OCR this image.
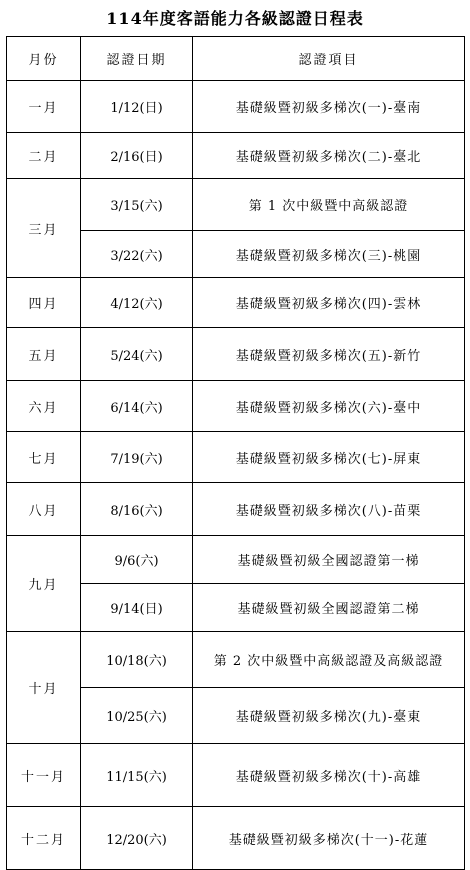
114年度客語能力各級認證日程表
月份	認證日期	認證項目
一月	1/12(日)	基礎級暨初級多梯次(一)-臺南
二月	2/16(日)	基礎級暨初級多梯次(二)-臺北
三月	3/15(六)	第 1 次中級暨中高級認證
	3/22(六)	基礎級暨初級多梯次(三)-桃園
四月	4/12(六)	基礎級暨初級多梯次(四)-雲林
五月	5/24(六)	基礎級暨初級多梯次(五)-新竹
六月	6/14(六)	基礎級暨初級多梯次(六)-臺中
七月	7/19(六)	基礎級暨初級多梯次(七)-屏東
八月	8/16(六)	基礎級暨初級多梯次(八)-苗栗
九月	9/6(六)	基礎級暨初級全國認證第一梯
	9/14(日)	基礎級暨初級全國認證第二梯
十月	10/18(六)	第 2 次中級暨中高級認證及高級認證
	10/25(六)	基礎級暨初級多梯次(九)-臺東
十一月	11/15(六)	基礎級暨初級多梯次(十)-高雄
十二月	12/20(六)	基礎級暨初級多梯次(十一)-花蓮
